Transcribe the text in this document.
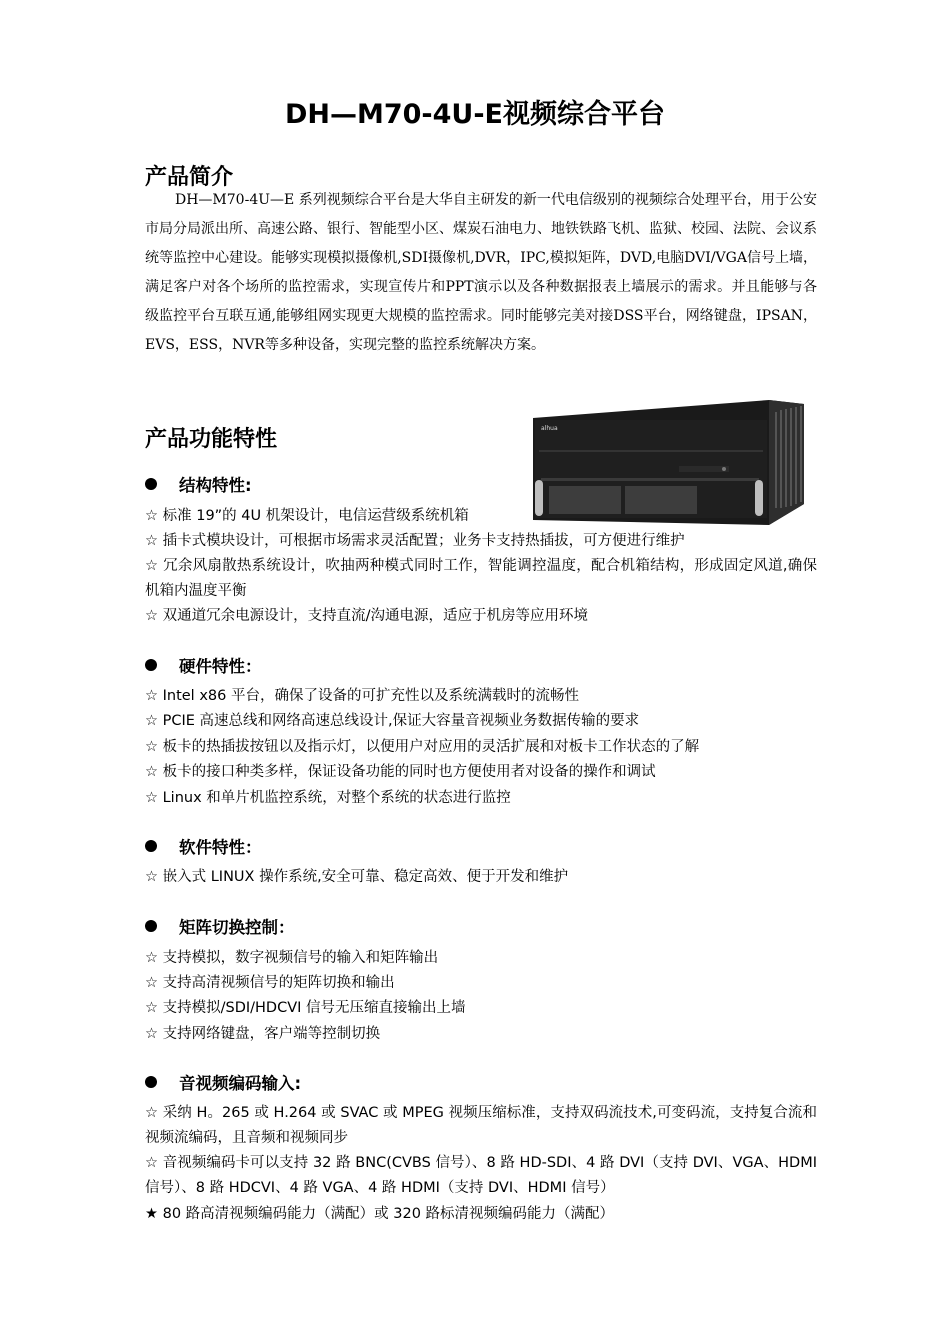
DH—M70-4U-E视频综合平台
产品简介

DH—M70-4U—E 系列视频综合平台是大华自主研发的新一代电信级别的视频综合处理平台，用于公安市局分局派出所、高速公路、银行、智能型小区、煤炭石油电力、地铁铁路飞机、监狱、校园、法院、会议系统等监控中心建设。能够实现模拟摄像机,SDI摄像机,DVR，IPC,模拟矩阵，DVD,电脑DVI/VGA信号上墙，满足客户对各个场所的监控需求，实现宣传片和PPT演示以及各种数据报表上墙展示的需求。并且能够与各级监控平台互联互通,能够组网实现更大规模的监控需求。同时能够完美对接DSS平台，网络键盘，IPSAN，EVS，ESS，NVR等多种设备，实现完整的监控系统解决方案。

产品功能特性	alhua
结构特性:

☆ 标准 19”的 4U 机架设计，电信运营级系统机箱

☆ 插卡式模块设计，可根据市场需求灵活配置；业务卡支持热插拔，可方便进行维护

☆ 冗余风扇散热系统设计，吹抽两种模式同时工作，智能调控温度，配合机箱结构，形成固定风道,确保机箱内温度平衡

☆ 双通道冗余电源设计，支持直流/沟通电源，适应于机房等应用环境

硬件特性：

☆ Intel x86 平台，确保了设备的可扩充性以及系统满载时的流畅性

☆ PCIE 高速总线和网络高速总线设计,保证大容量音视频业务数据传输的要求

☆ 板卡的热插拔按钮以及指示灯，以便用户对应用的灵活扩展和对板卡工作状态的了解

☆ 板卡的接口种类多样，保证设备功能的同时也方便使用者对设备的操作和调试

☆ Linux 和单片机监控系统，对整个系统的状态进行监控

软件特性：

☆ 嵌入式 LINUX 操作系统,安全可靠、稳定高效、便于开发和维护

矩阵切换控制：

☆ 支持模拟，数字视频信号的输入和矩阵输出

☆ 支持高清视频信号的矩阵切换和输出

☆ 支持模拟/SDI/HDCVI 信号无压缩直接输出上墙

☆ 支持网络键盘，客户端等控制切换

音视频编码输入:

☆ 采纳 H。265 或 H.264 或 SVAC 或 MPEG 视频压缩标准，支持双码流技术,可变码流，支持复合流和视频流编码，且音频和视频同步

☆ 音视频编码卡可以支持 32 路 BNC(CVBS 信号）、8 路 HD-SDI、4 路 DVI（支持 DVI、VGA、HDMI 信号）、8 路 HDCVI、4 路 VGA、4 路 HDMI（支持 DVI、HDMI 信号）

★ 80 路高清视频编码能力（满配）或 320 路标清视频编码能力（满配）
